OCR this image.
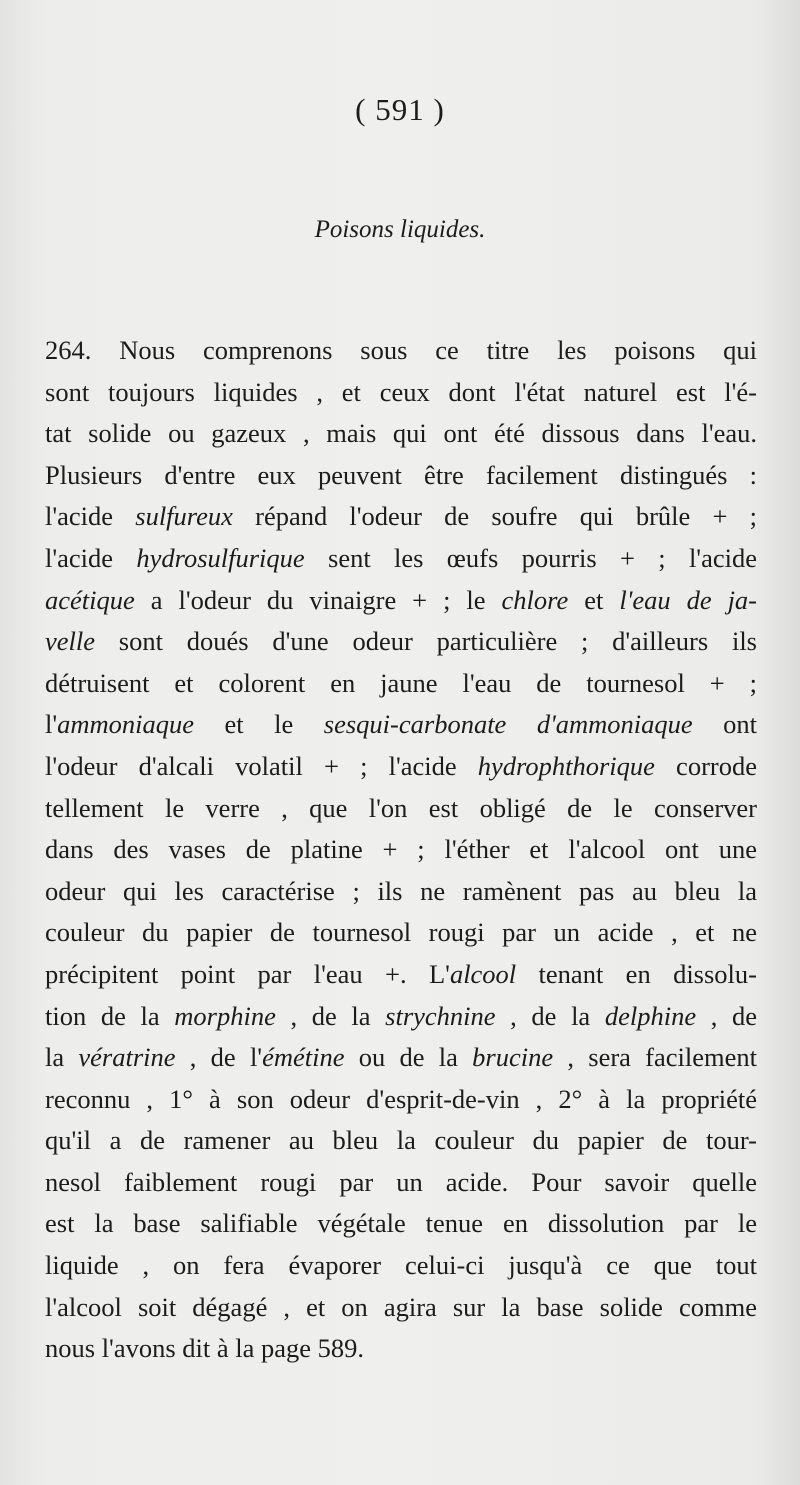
( 591 )
Poisons liquides.
264. Nous comprenons sous ce titre les poisons qui
sont toujours liquides , et ceux dont l'état naturel est l'é-
tat solide ou gazeux , mais qui ont été dissous dans l'eau.
Plusieurs d'entre eux peuvent être facilement distingués :
l'acide sulfureux répand l'odeur de soufre qui brûle + ;
l'acide hydrosulfurique sent les œufs pourris + ; l'acide
acétique a l'odeur du vinaigre + ; le chlore et l'eau de ja-
velle sont doués d'une odeur particulière ; d'ailleurs ils
détruisent et colorent en jaune l'eau de tournesol + ;
l'ammoniaque et le sesqui-carbonate d'ammoniaque ont
l'odeur d'alcali volatil + ; l'acide hydrophthorique corrode
tellement le verre , que l'on est obligé de le conserver
dans des vases de platine + ; l'éther et l'alcool ont une
odeur qui les caractérise ; ils ne ramènent pas au bleu la
couleur du papier de tournesol rougi par un acide , et ne
précipitent point par l'eau +. L'alcool tenant en dissolu-
tion de la morphine , de la strychnine , de la delphine , de
la vératrine , de l'émétine ou de la brucine , sera facilement
reconnu , 1° à son odeur d'esprit-de-vin , 2° à la propriété
qu'il a de ramener au bleu la couleur du papier de tour-
nesol faiblement rougi par un acide. Pour savoir quelle
est la base salifiable végétale tenue en dissolution par le
liquide , on fera évaporer celui-ci jusqu'à ce que tout
l'alcool soit dégagé , et on agira sur la base solide comme
nous l'avons dit à la page 589.
